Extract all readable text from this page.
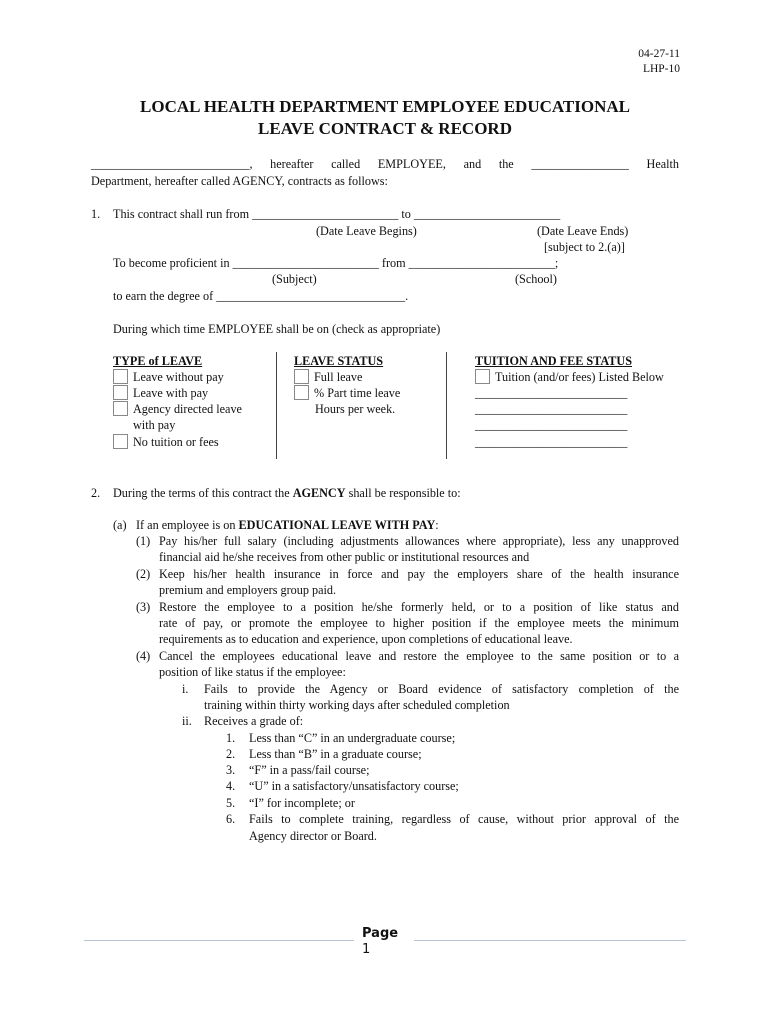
04-27-11
LHP-10
LOCAL HEALTH DEPARTMENT EMPLOYEE EDUCATIONAL
LEAVE CONTRACT & RECORD
__________________________, hereafter called EMPLOYEE, and the ________________ Health
Department, hereafter called AGENCY, contracts as follows:
1. This contract shall run from ________________________ to ________________________
(Date Leave Begins)	(Date Leave Ends)
[subject to 2.(a)]
To become proficient in ________________________ from ________________________;
(Subject)	(School)
to earn the degree of _______________________________.
During which time EMPLOYEE shall be on (check as appropriate)
TYPE of LEAVE
Leave without pay
Leave with pay
Agency directed leave
with pay
No tuition or fees
LEAVE STATUS
Full leave
% Part time leave
Hours per week.
TUITION AND FEE STATUS
Tuition (and/or fees) Listed Below
_________________________
_________________________
_________________________
_________________________
2. During the terms of this contract the AGENCY shall be responsible to:
(a) If an employee is on EDUCATIONAL LEAVE WITH PAY:
(1) Pay his/her full salary (including adjustments allowances where appropriate), less any unapproved
financial aid he/she receives from other public or institutional resources and
(2) Keep his/her health insurance in force and pay the employers share of the health insurance
premium and employers group paid.
(3) Restore the employee to a position he/she formerly held, or to a position of like status and
rate of pay, or promote the employee to higher position if the employee meets the minimum
requirements as to education and experience, upon completions of educational leave.
(4) Cancel the employees educational leave and restore the employee to the same position or to a
position of like status if the employee:
i. Fails to provide the Agency or Board evidence of satisfactory completion of the
training within thirty working days after scheduled completion
ii. Receives a grade of:
1. Less than “C” in an undergraduate course;
2. Less than “B” in a graduate course;
3. “F” in a pass/fail course;
4. “U” in a satisfactory/unsatisfactory course;
5. “I” for incomplete; or
6. Fails to complete training, regardless of cause, without prior approval of the
Agency director or Board.
Page
1
